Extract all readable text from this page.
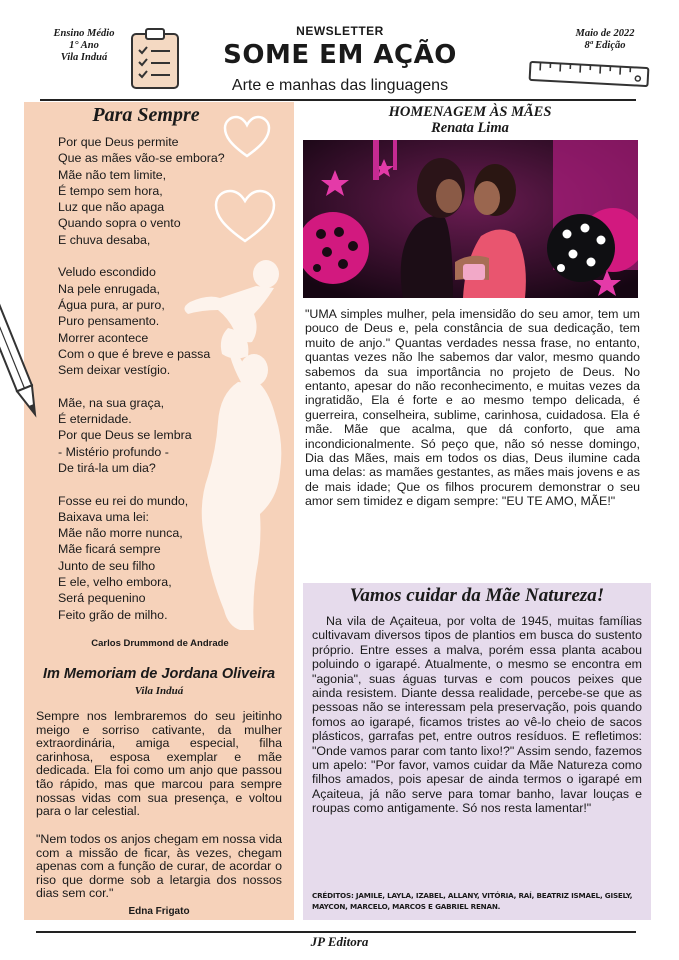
Ensino Médio
1° Ano
Vila Induá
NEWSLETTER
SOME EM AÇÃO
Arte e manhas das linguagens
Maio de 2022
8ª Edição
Para Sempre
Por que Deus permite
Que as mães vão-se embora?
Mãe não tem limite,
É tempo sem hora,
Luz que não apaga
Quando sopra o vento
E chuva desaba,
Veludo escondido
Na pele enrugada,
Água pura, ar puro,
Puro pensamento.
Morrer acontece
Com o que é breve e passa
Sem deixar vestígio.
Mãe, na sua graça,
É eternidade.
Por que Deus se lembra
- Mistério profundo -
De tirá-la um dia?
Fosse eu rei do mundo,
Baixava uma lei:
Mãe não morre nunca,
Mãe ficará sempre
Junto de seu filho
E ele, velho embora,
Será pequenino
Feito grão de milho.
Carlos Drummond de Andrade
Im Memoriam de Jordana Oliveira
Vila Induá

Sempre nos lembraremos do seu jeitinho meigo e sorriso cativante, da mulher extraordinária, amiga especial, filha carinhosa, esposa exemplar e mãe dedicada. Ela foi como um anjo que passou tão rápido, mas que marcou para sempre nossas vidas com sua presença, e voltou para o lar celestial.

"Nem todos os anjos chegam em nossa vida com a missão de ficar, às vezes, chegam apenas com a função de curar, de acordar o riso que dorme sob a letargia dos nossos dias sem cor."

Edna Frigato
HOMENAGEM ÀS MÃES
Renata Lima

"UMA simples mulher, pela imensidão do seu amor, tem um pouco de Deus e, pela constância de sua dedicação, tem muito de anjo." Quantas verdades nessa frase, no entanto, quantas vezes não lhe sabemos dar valor, mesmo quando sabemos da sua importância no projeto de Deus. No entanto, apesar do não reconhecimento, e muitas vezes da ingratidão, Ela é forte e ao mesmo tempo delicada, é guerreira, conselheira, sublime, carinhosa, cuidadosa. Ela é mãe. Mãe que acalma, que dá conforto, que ama incondicionalmente. Só peço que, não só nesse domingo, Dia das Mães, mais em todos os dias, Deus ilumine cada uma delas: as mamães gestantes, as mães mais jovens e as de mais idade; Que os filhos procurem demonstrar o seu amor sem timidez e digam sempre: "EU TE AMO, MÃE!"

Vamos cuidar da Mãe Natureza!

Na vila de Açaiteua, por volta de 1945, muitas famílias cultivavam diversos tipos de plantios em busca do sustento próprio. Entre esses a malva, porém essa planta acabou poluindo o igarapé. Atualmente, o mesmo se encontra em "agonia", suas águas turvas e com poucos peixes que ainda resistem. Diante dessa realidade, percebe-se que as pessoas não se interessam pela preservação, pois quando fomos ao igarapé, ficamos tristes ao vê-lo cheio de sacos plásticos, garrafas pet, entre outros resíduos. E refletimos: "Onde vamos parar com tanto lixo!?" Assim sendo, fazemos um apelo: "Por favor, vamos cuidar da Mãe Natureza como filhos amados, pois apesar de ainda termos o igarapé em Açaiteua, já não serve para tomar banho, lavar louças e roupas como antigamente. Só nos resta lamentar!"

CRÉDITOS: JAMILE, LAYLA, IZABEL, ALLANY, VITÓRIA, RAÍ, BEATRIZ ISMAEL, GISELY, MAYCON, MARCELO, MARCOS E GABRIEL RENAN.
JP Editora
